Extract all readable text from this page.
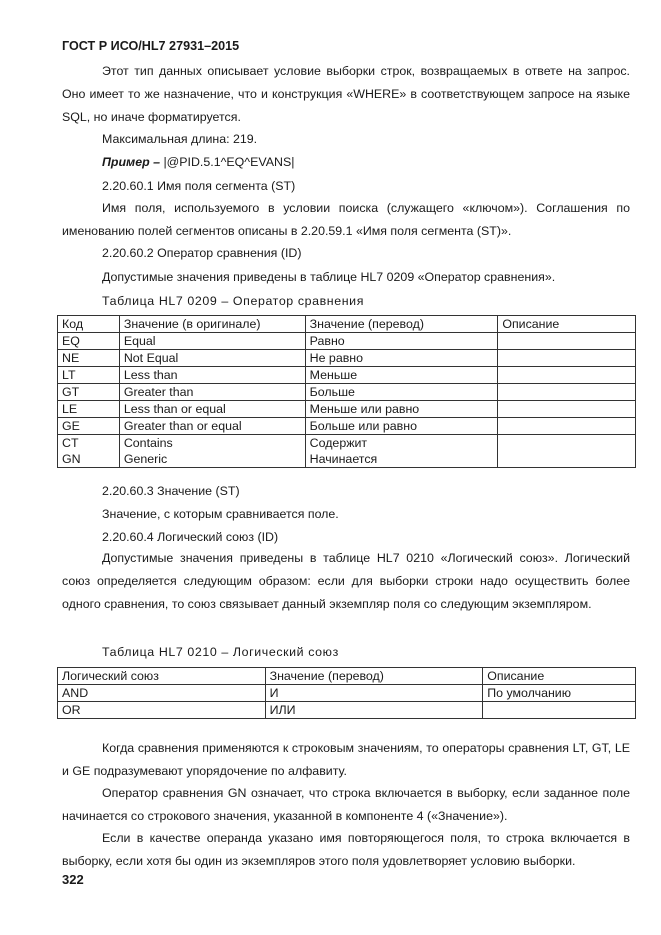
ГОСТ Р ИСО/HL7 27931–2015

Этот тип данных описывает условие выборки строк, возвращаемых в ответе на запрос. Оно имеет то же назначение, что и конструкция «WHERE» в соответствующем запросе на языке SQL, но иначе форматируется.

Максимальная длина: 219.
Пример – |@PID.5.1^EQ^EVANS|
2.20.60.1 Имя поля сегмента (ST)

Имя поля, используемого в условии поиска (служащего «ключом»). Соглашения по именованию полей сегментов описаны в 2.20.59.1 «Имя поля сегмента (ST)».

2.20.60.2 Оператор сравнения (ID)
Допустимые значения приведены в таблице HL7 0209 «Оператор сравнения».
Таблица HL7 0209 – Оператор сравнения
Код	Значение (в оригинале)	Значение (перевод)	Описание
EQ	Equal	Равно	
NE	Not Equal	Не равно	
LT	Less than	Меньше	
GT	Greater than	Больше	
LE	Less than or equal	Меньше или равно	
GE	Greater than or equal	Больше или равно	
CT	Contains	Содержит	
GN	Generic	Начинается	
2.20.60.3 Значение (ST)
Значение, с которым сравнивается поле.
2.20.60.4 Логический союз (ID)

Допустимые значения приведены в таблице HL7 0210 «Логический союз». Логический союз определяется следующим образом: если для выборки строки надо осуществить более одного сравнения, то союз связывает данный экземпляр поля со следующим экземпляром.

Таблица HL7 0210 – Логический союз
Логический союз	Значение (перевод)	Описание
AND	И	По умолчанию
OR	ИЛИ	

Когда сравнения применяются к строковым значениям, то операторы сравнения LT, GT, LE и GE подразумевают упорядочение по алфавиту.

Оператор сравнения GN означает, что строка включается в выборку, если заданное поле начинается со строкового значения, указанной в компоненте 4 («Значение»).

Если в качестве операнда указано имя повторяющегося поля, то строка включается в выборку, если хотя бы один из экземпляров этого поля удовлетворяет условию выборки.

322
